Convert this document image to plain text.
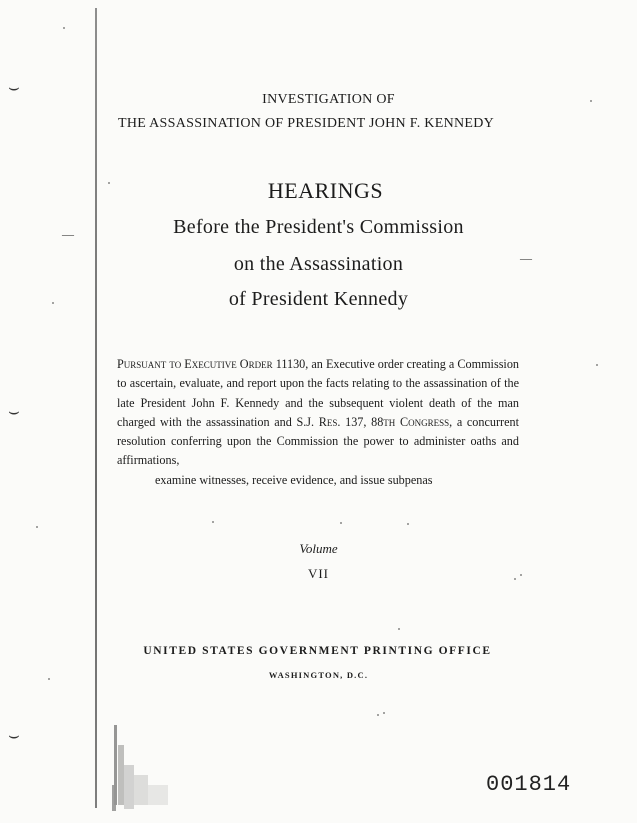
⌣
⌣
⌣
—
—
INVESTIGATION OF
THE ASSASSINATION OF PRESIDENT JOHN F. KENNEDY
HEARINGS
Before the President's Commission
on the Assassination
of President Kennedy
Pursuant to Executive Order 11130, an Executive order creating a Commission to ascertain, evaluate, and report upon the facts relating to the assassination of the late President John F. Kennedy and the subsequent violent death of the man charged with the assassination and S.J. Res. 137, 88th Congress, a concurrent resolution conferring upon the Commission the power to administer oaths and affirmations,
examine witnesses, receive evidence, and issue subpenas
Volume
VII
UNITED STATES GOVERNMENT PRINTING OFFICE
WASHINGTON, D.C.
001814
